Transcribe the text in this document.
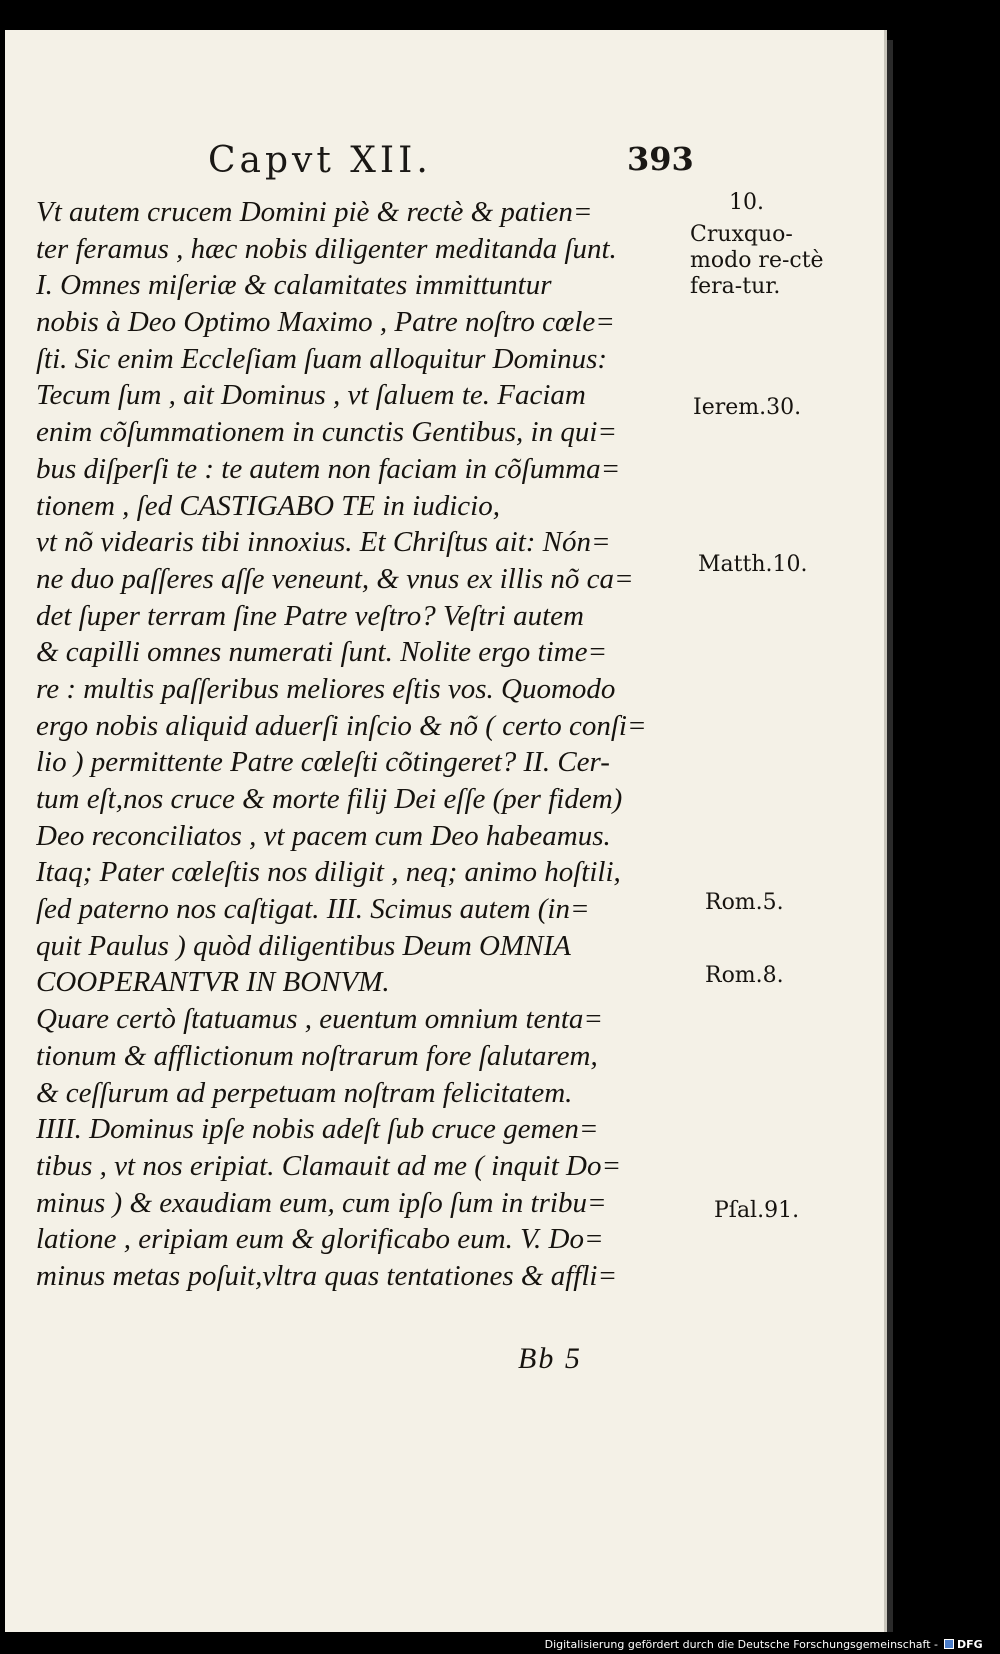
Capvt XII.	393
Vt autem crucem Domini piè & rectè & patien=
ter feramus , hæc nobis diligenter meditanda ſunt.
I. Omnes miſeriæ & calamitates immittuntur
nobis à Deo Optimo Maximo , Patre noſtro cœle=
ſti. Sic enim Eccleſiam ſuam alloquitur Dominus:
Tecum ſum , ait Dominus , vt ſaluem te. Faciam
enim cõſummationem in cunctis Gentibus, in qui=
bus diſperſi te : te autem non faciam in cõſumma=
tionem , ſed CASTIGABO TE in iudicio,
vt nõ videaris tibi innoxius. Et Chriſtus ait: Nón=
ne duo paſſeres aſſe veneunt, & vnus ex illis nõ ca=
det ſuper terram ſine Patre veſtro? Veſtri autem
& capilli omnes numerati ſunt. Nolite ergo time=
re : multis paſſeribus meliores eſtis vos. Quomodo
ergo nobis aliquid aduerſi inſcio & nõ ( certo conſi=
lio ) permittente Patre cœleſti cõtingeret? II. Cer-
tum eſt,nos cruce & morte filij Dei eſſe (per fidem)
Deo reconciliatos , vt pacem cum Deo habeamus.
Itaq; Pater cœleſtis nos diligit , neq; animo hoſtili,
ſed paterno nos caſtigat. III. Scimus autem (in=
quit Paulus ) quòd diligentibus Deum OMNIA
COOPERANTVR IN BONVM.
Quare certò ſtatuamus , euentum omnium tenta=
tionum & afflictionum noſtrarum fore ſalutarem,
& ceſſurum ad perpetuam noſtram felicitatem.
IIII. Dominus ipſe nobis adeſt ſub cruce gemen=
tibus , vt nos eripiat. Clamauit ad me ( inquit Do=
minus ) & exaudiam eum, cum ipſo ſum in tribu=
latione , eripiam eum & glorificabo eum. V. Do=
minus metas poſuit,vltra quas tentationes & affli=
10.
Cruxquo-modo re-ctè fera-tur.
Ierem.30.
Matth.10.
Rom.5.
Rom.8.
Pſal.91.
Bb 5
Digitalisierung gefördert durch die Deutsche Forschungsgemeinschaft - DFG
